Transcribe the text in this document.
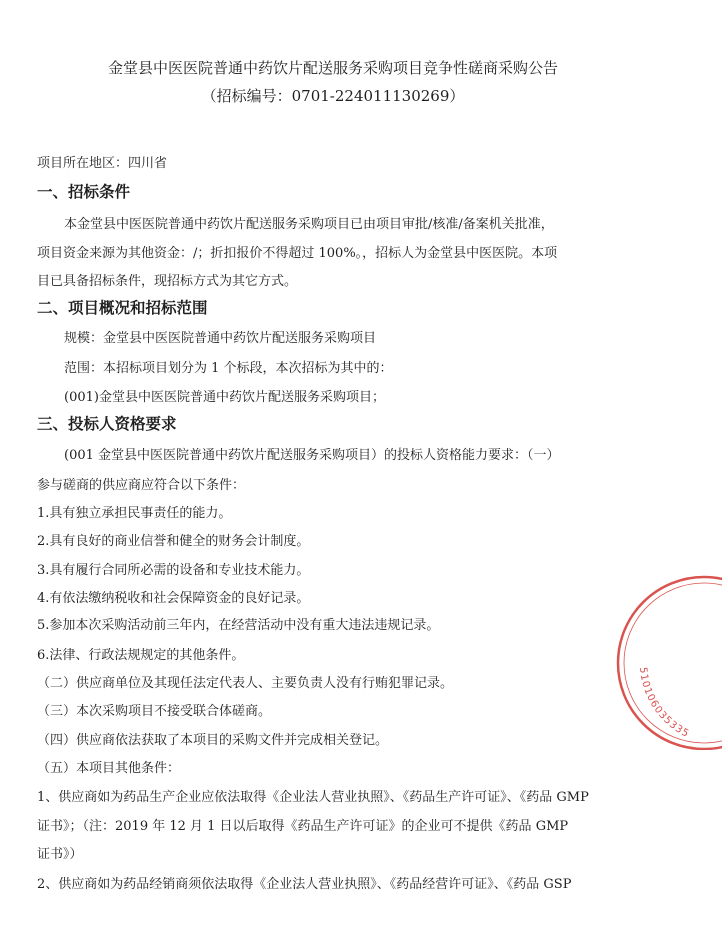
金堂县中医医院普通中药饮片配送服务采购项目竞争性磋商采购公告
（招标编号：0701-224011130269）
项目所在地区：四川省
一、招标条件
本金堂县中医医院普通中药饮片配送服务采购项目已由项目审批/核准/备案机关批准，
项目资金来源为其他资金：/；折扣报价不得超过 100%。，招标人为金堂县中医医院。本项
目已具备招标条件，现招标方式为其它方式。
二、项目概况和招标范围
规模：金堂县中医医院普通中药饮片配送服务采购项目
范围：本招标项目划分为 1 个标段，本次招标为其中的：
(001)金堂县中医医院普通中药饮片配送服务采购项目；
三、投标人资格要求
(001 金堂县中医医院普通中药饮片配送服务采购项目）的投标人资格能力要求：（一）
参与磋商的供应商应符合以下条件：
1.具有独立承担民事责任的能力。
2.具有良好的商业信誉和健全的财务会计制度。
3.具有履行合同所必需的设备和专业技术能力。
4.有依法缴纳税收和社会保障资金的良好记录。
5.参加本次采购活动前三年内，在经营活动中没有重大违法违规记录。
6.法律、行政法规规定的其他条件。
（二）供应商单位及其现任法定代表人、主要负责人没有行贿犯罪记录。
（三）本次采购项目不接受联合体磋商。
（四）供应商依法获取了本项目的采购文件并完成相关登记。
（五）本项目其他条件：
1、供应商如为药品生产企业应依法取得《企业法人营业执照》、《药品生产许可证》、《药品 GMP
证书》；（注：2019 年 12 月 1 日以后取得《药品生产许可证》的企业可不提供《药品 GMP
证书》）
2、供应商如为药品经销商须依法取得《企业法人营业执照》、《药品经营许可证》、《药品 GSP
510106035335
